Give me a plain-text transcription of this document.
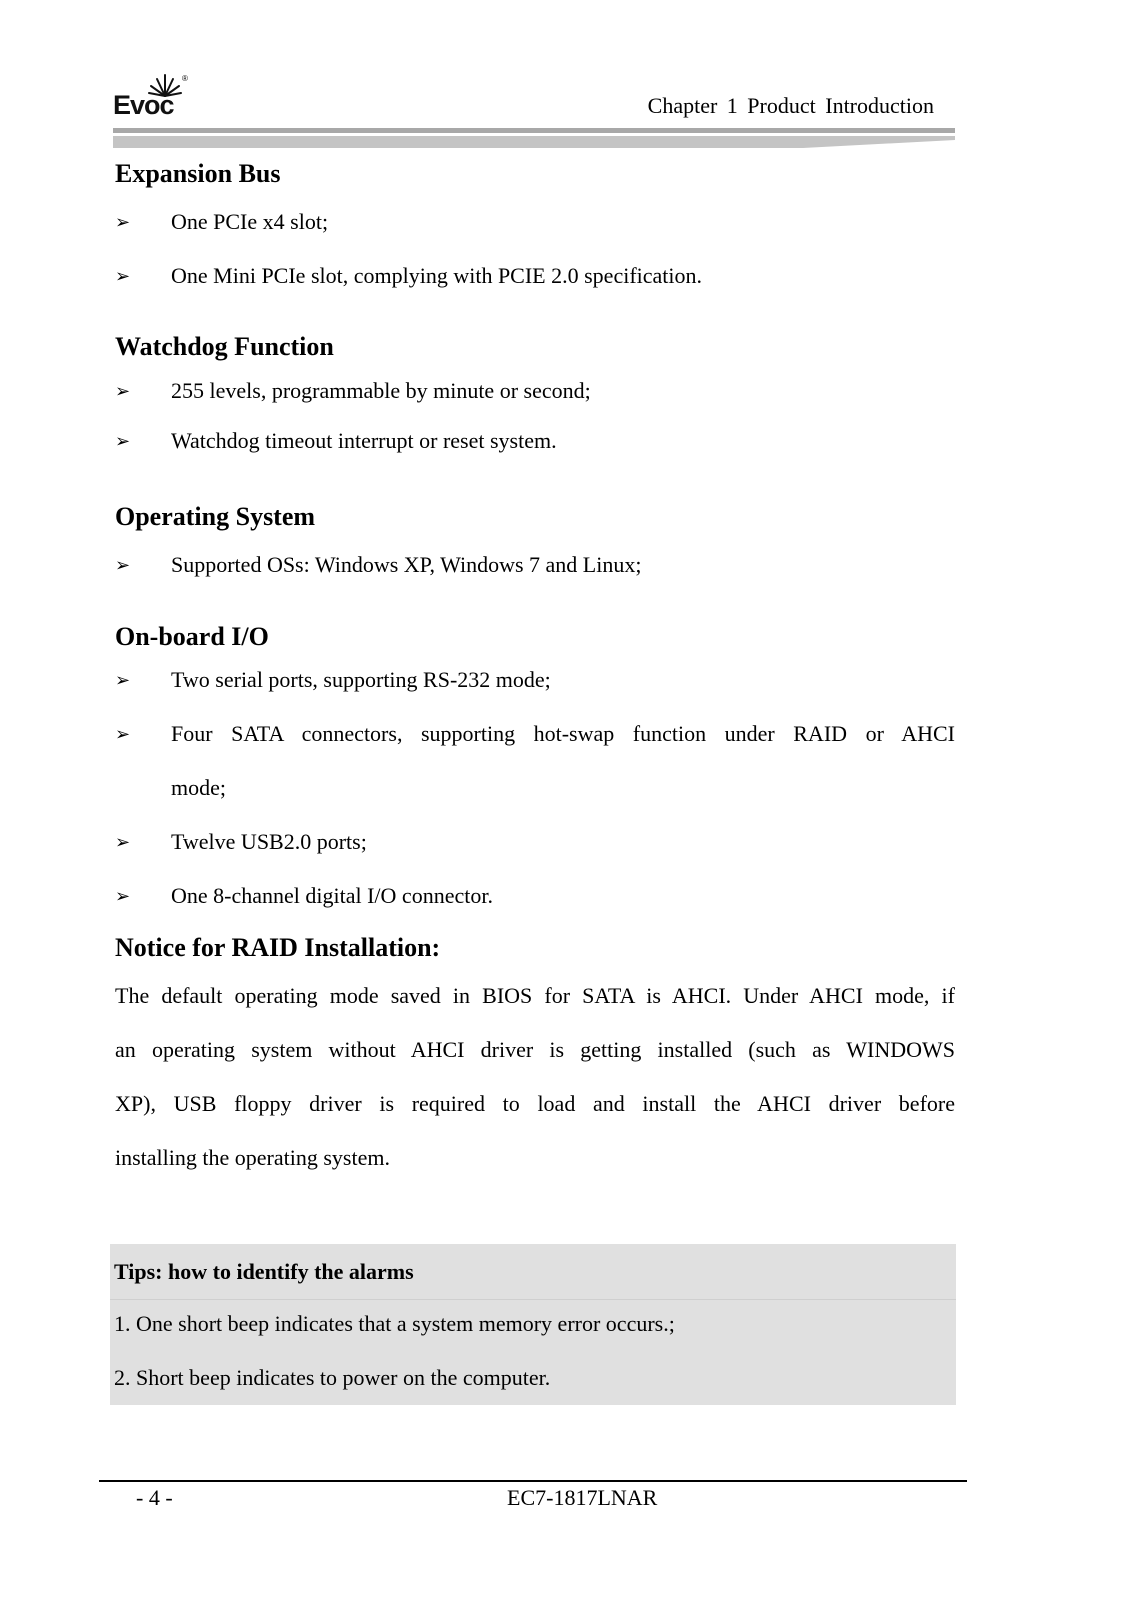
®
Evoc	Chapter 1 Product Introduction
Expansion Bus
➢ One PCIe x4 slot;
➢ One Mini PCIe slot, complying with PCIE 2.0 specification.
Watchdog Function
➢ 255 levels, programmable by minute or second;
➢ Watchdog timeout interrupt or reset system.
Operating System
➢ Supported OSs: Windows XP, Windows 7 and Linux;
On-board I/O
➢ Two serial ports, supporting RS-232 mode;
➢ Four SATA connectors, supporting hot-swap function under RAID or AHCI
mode;
➢ Twelve USB2.0 ports;
➢ One 8-channel digital I/O connector.
Notice for RAID Installation:
The default operating mode saved in BIOS for SATA is AHCI. Under AHCI mode, if
an operating system without AHCI driver is getting installed (such as WINDOWS
XP), USB floppy driver is required to load and install the AHCI driver before
installing the operating system.
Tips: how to identify the alarms
1. One short beep indicates that a system memory error occurs.;
2. Short beep indicates to power on the computer.
- 4 -	EC7-1817LNAR
